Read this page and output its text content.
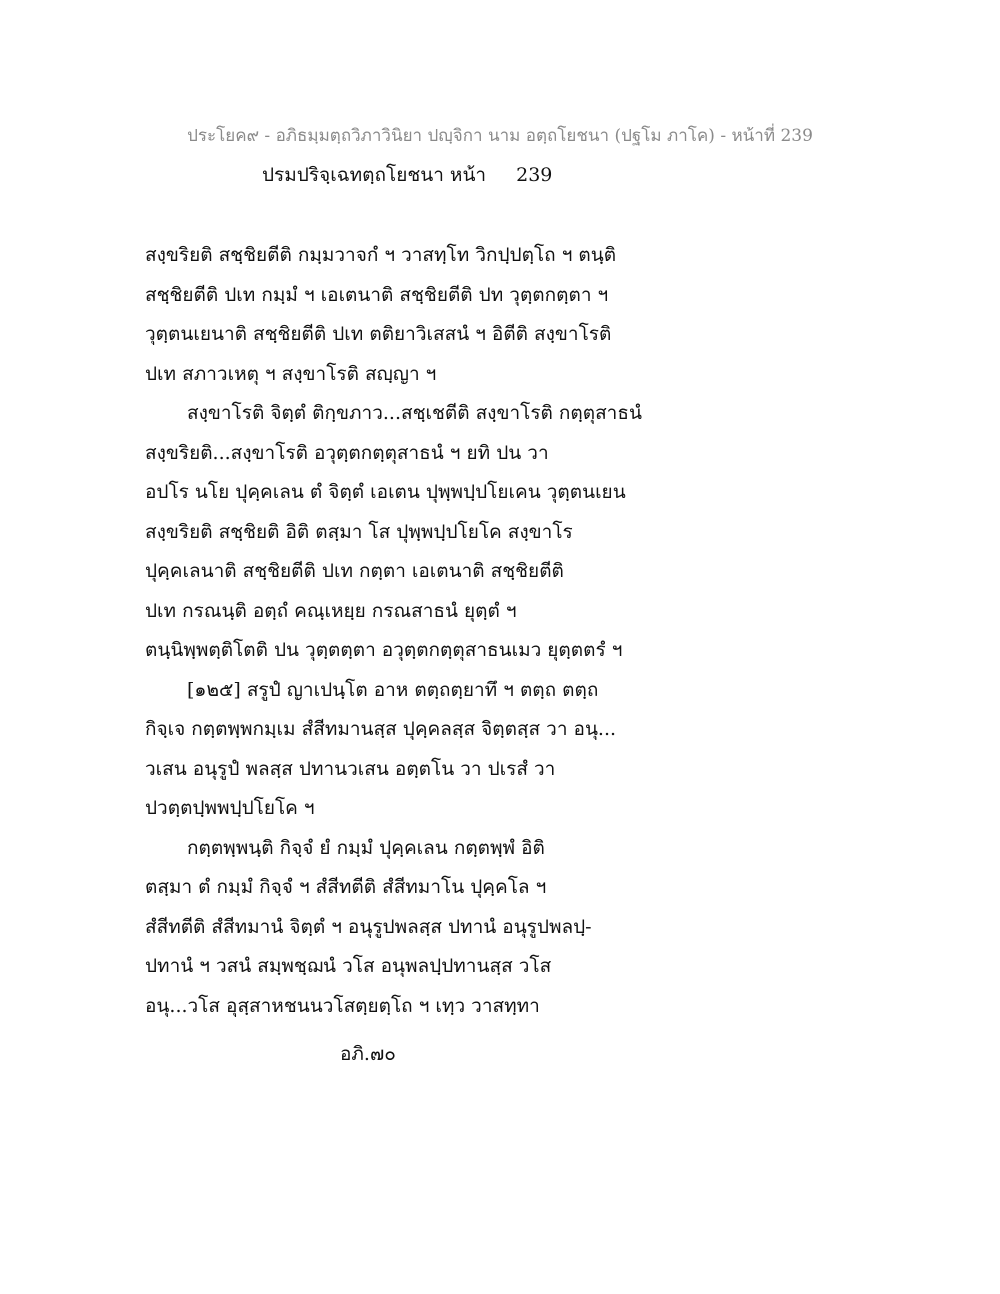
ประโยค๙ - อภิธมฺมตฺถวิภาวินิยา ปญฺจิกา นาม อตฺถโยชนา (ปฐโม ภาโค) - หน้าที่ 239
ปรมปริจฺเฉทตฺถโยชนา หน้า 239
สงฺขริยติ สชฺชิยตีติ กมฺมวาจกํ ฯ วาสทฺโท วิกปฺปตฺโถ ฯ ตนฺติ
สชฺชิยตีติ ปเท กมฺมํ ฯ เอเตนาติ สชฺชิยตีติ ปท วุตฺตกตฺตา ฯ
วุตฺตนเยนาติ สชฺชิยตีติ ปเท ตติยาวิเสสนํ ฯ อิตีติ สงฺขาโรติ
ปเท สภาวเหตุ ฯ สงฺขาโรติ สญฺญา ฯ
สงฺขาโรติ จิตฺตํ ติกฺขภาว...สชฺเชตีติ สงฺขาโรติ กตฺตุสาธนํ
สงฺขริยติ...สงฺขาโรติ อวุตฺตกตฺตุสาธนํ ฯ ยทิ ปน วา
อปโร นโย ปุคฺคเลน ตํ จิตฺตํ เอเตน ปุพฺพปฺปโยเคน วุตฺตนเยน
สงฺขริยติ สชฺชิยติ อิติ ตสฺมา โส ปุพฺพปฺปโยโค สงฺขาโร
ปุคฺคเลนาติ สชฺชิยตีติ ปเท กตฺตา เอเตนาติ สชฺชิยตีติ
ปเท กรณนฺติ อตฺถํ คณฺเหยฺย กรณสาธนํ ยุตฺตํ ฯ
ตนฺนิพฺพตฺติโตติ ปน วุตฺตตฺตา อวุตฺตกตฺตุสาธนเมว ยุตฺตตรํ ฯ
[๑๒๕] สรูปํ ญาเปนฺโต อาห ตตฺถตฺยาทึ ฯ ตตฺถ ตตฺถ
กิจฺเจ กตฺตพฺพกมฺเม สํสีทมานสฺส ปุคฺคลสฺส จิตฺตสฺส วา อนุ...
วเสน อนุรูปํ พลสฺส ปทานวเสน อตฺตโน วา ปเรสํ วา
ปวตฺตปฺพพปฺปโยโค ฯ
กตฺตพฺพนฺติ กิจฺจํ ยํ กมฺมํ ปุคฺคเลน กตฺตพฺพํ อิติ
ตสฺมา ตํ กมฺมํ กิจฺจํ ฯ สํสีทตีติ สํสีทมาโน ปุคฺคโล ฯ
สํสีทตีติ สํสีทมานํ จิตฺตํ ฯ อนุรูปพลสฺส ปทานํ อนุรูปพลปฺ-
ปทานํ ฯ วสนํ สมฺพชฺฌนํ วโส อนุพลปฺปทานสฺส วโส
อนุ...วโส อุสฺสาหชนนวโสตฺยตฺโถ ฯ เทฺว วาสทฺทา
อภิ.๗๐
